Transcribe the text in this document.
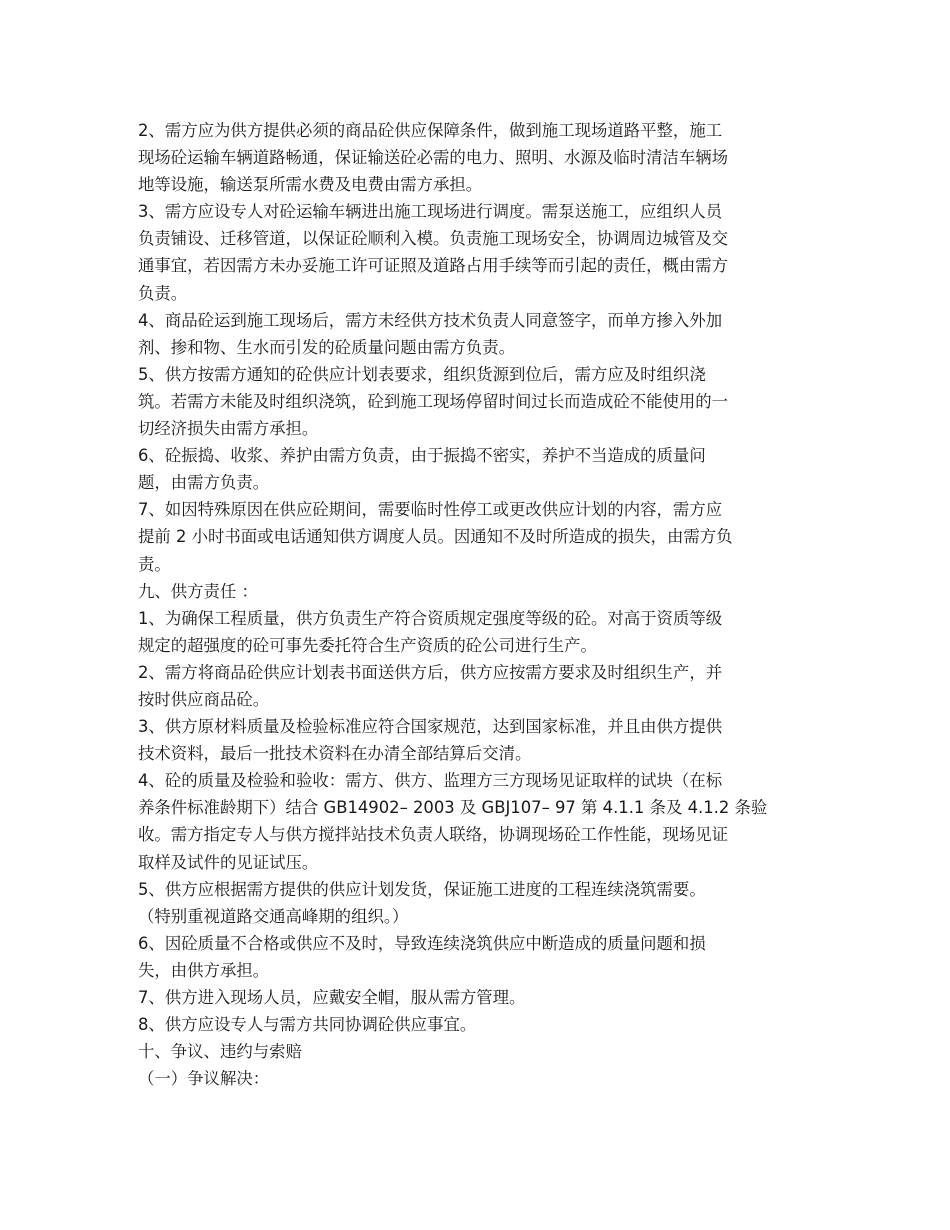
2、需方应为供方提供必须的商品砼供应保障条件，做到施工现场道路平整，施工
现场砼运输车辆道路畅通，保证输送砼必需的电力、照明、水源及临时清洁车辆场
地等设施，输送泵所需水费及电费由需方承担。
3、需方应设专人对砼运输车辆进出施工现场进行调度。需泵送施工，应组织人员
负责铺设、迁移管道，以保证砼顺利入模。负责施工现场安全，协调周边城管及交
通事宜，若因需方未办妥施工许可证照及道路占用手续等而引起的责任，概由需方
负责。
4、商品砼运到施工现场后，需方未经供方技术负责人同意签字，而单方掺入外加
剂、掺和物、生水而引发的砼质量问题由需方负责。
5、供方按需方通知的砼供应计划表要求，组织货源到位后，需方应及时组织浇
筑。若需方未能及时组织浇筑，砼到施工现场停留时间过长而造成砼不能使用的一
切经济损失由需方承担。
6、砼振捣、收浆、养护由需方负责，由于振捣不密实，养护不当造成的质量问
题，由需方负责。
7、如因特殊原因在供应砼期间，需要临时性停工或更改供应计划的内容，需方应
提前 2 小时书面或电话通知供方调度人员。因通知不及时所造成的损失，由需方负
责。
九、供方责任 ：
1、为确保工程质量，供方负责生产符合资质规定强度等级的砼。对高于资质等级
规定的超强度的砼可事先委托符合生产资质的砼公司进行生产。
2、需方将商品砼供应计划表书面送供方后，供方应按需方要求及时组织生产，并
按时供应商品砼。
3、供方原材料质量及检验标准应符合国家规范，达到国家标准，并且由供方提供
技术资料，最后一批技术资料在办清全部结算后交清。
4、砼的质量及检验和验收：需方、供方、监理方三方现场见证取样的试块（在标
养条件标准龄期下）结合 GB14902– 2003 及 GBJ107– 97 第 4.1.1 条及 4.1.2 条验
收。需方指定专人与供方搅拌站技术负责人联络，协调现场砼工作性能，现场见证
取样及试件的见证试压。
5、供方应根据需方提供的供应计划发货，保证施工进度的工程连续浇筑需要。
（特别重视道路交通高峰期的组织。）
6、因砼质量不合格或供应不及时，导致连续浇筑供应中断造成的质量问题和损
失，由供方承担。
7、供方进入现场人员，应戴安全帽，服从需方管理。
8、供方应设专人与需方共同协调砼供应事宜。
十、争议、违约与索赔
（一）争议解决：
